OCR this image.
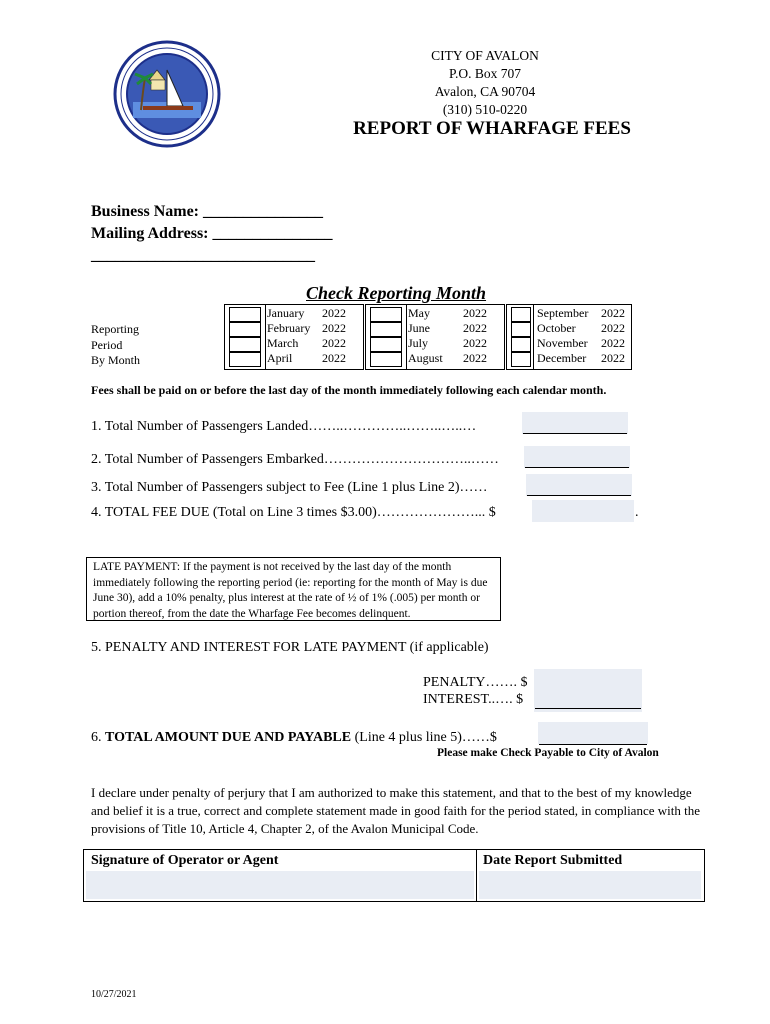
CITY OF AVALON
P.O. Box 707
Avalon, CA 90704
(310) 510-0220
REPORT OF WHARFAGE FEES
Business Name: _______________
Mailing Address: _______________
____________________________
Check Reporting Month
Reporting
Period
By Month
January 2022
February 2022
March 2022
April 2022
May	2022
June	2022
July	2022
August 2022
September 2022
October 2022
November 2022
December 2022
Fees shall be paid on or before the last day of the month immediately following each calendar month.
1. Total Number of Passengers Landed……..…………..……..…..…
2. Total Number of Passengers Embarked…………………………..……
3. Total Number of Passengers subject to Fee (Line 1 plus Line 2)……
4. TOTAL FEE DUE (Total on Line 3 times $3.00)…………………... $	.
LATE PAYMENT: If the payment is not received by the last day of the month immediately following the reporting period (ie: reporting for the month of May is due June 30), add a 10% penalty, plus interest at the rate of ½ of 1% (.005) per month or portion thereof, from the date the Wharfage Fee becomes delinquent.
5. PENALTY AND INTEREST FOR LATE PAYMENT (if applicable)
PENALTY……. $
INTEREST..…. $
6. TOTAL AMOUNT DUE AND PAYABLE (Line 4 plus line 5)……$
Please make Check Payable to City of Avalon
I declare under penalty of perjury that I am authorized to make this statement, and that to the best of my knowledge and belief it is a true, correct and complete statement made in good faith for the period stated, in compliance with the provisions of Title 10, Article 4, Chapter 2, of the Avalon Municipal Code.
Signature of Operator or Agent	Date Report Submitted
10/27/2021
